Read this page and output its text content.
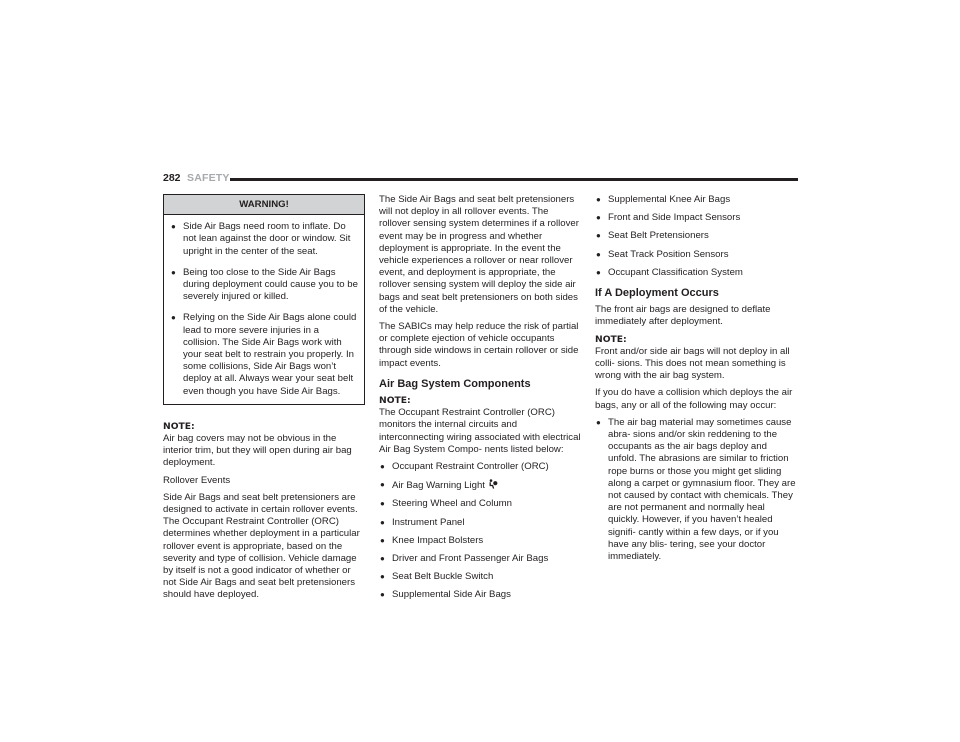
282 SAFETY
WARNING!
● Side Air Bags need room to inflate. Do not lean against the door or window. Sit upright in the center of the seat.
● Being too close to the Side Air Bags during deployment could cause you to be severely injured or killed.
● Relying on the Side Air Bags alone could lead to more severe injuries in a collision. The Side Air Bags work with your seat belt to restrain you properly. In some collisions, Side Air Bags won’t deploy at all. Always wear your seat belt even though you have Side Air Bags.
NOTE:

Air bag covers may not be obvious in the interior trim, but they will open during air bag deployment.

Rollover Events

Side Air Bags and seat belt pretensioners are designed to activate in certain rollover events. The Occupant Restraint Controller (ORC) determines whether deployment in a particular rollover event is appropriate, based on the severity and type of collision. Vehicle damage by itself is not a good indicator of whether or not Side Air Bags and seat belt pretensioners should have deployed.

The Side Air Bags and seat belt pretensioners will not deploy in all rollover events. The rollover sensing system determines if a rollover event may be in progress and whether deployment is appropriate. In the event the vehicle experiences a rollover or near rollover event, and deployment is appropriate, the rollover sensing system will deploy the side air bags and seat belt pretensioners on both sides of the vehicle.

The SABICs may help reduce the risk of partial or complete ejection of vehicle occupants through side windows in certain rollover or side impact events.

Air Bag System Components
NOTE:

The Occupant Restraint Controller (ORC) monitors the internal circuits and interconnecting wiring associated with electrical Air Bag System Compo- nents listed below:

● Occupant Restraint Controller (ORC)
● Air Bag Warning Light
● Steering Wheel and Column
● Instrument Panel
● Knee Impact Bolsters
● Driver and Front Passenger Air Bags
● Seat Belt Buckle Switch
● Supplemental Side Air Bags
● Supplemental Knee Air Bags
● Front and Side Impact Sensors
● Seat Belt Pretensioners
● Seat Track Position Sensors
● Occupant Classification System
If A Deployment Occurs

The front air bags are designed to deflate immediately after deployment.

NOTE:

Front and/or side air bags will not deploy in all colli- sions. This does not mean something is wrong with the air bag system.

If you do have a collision which deploys the air bags, any or all of the following may occur:

● The air bag material may sometimes cause abra- sions and/or skin reddening to the occupants as the air bags deploy and unfold. The abrasions are similar to friction rope burns or those you might get sliding along a carpet or gymnasium floor. They are not caused by contact with chemicals. They are not permanent and normally heal quickly. However, if you haven’t healed signifi- cantly within a few days, or if you have any blis- tering, see your doctor immediately.
